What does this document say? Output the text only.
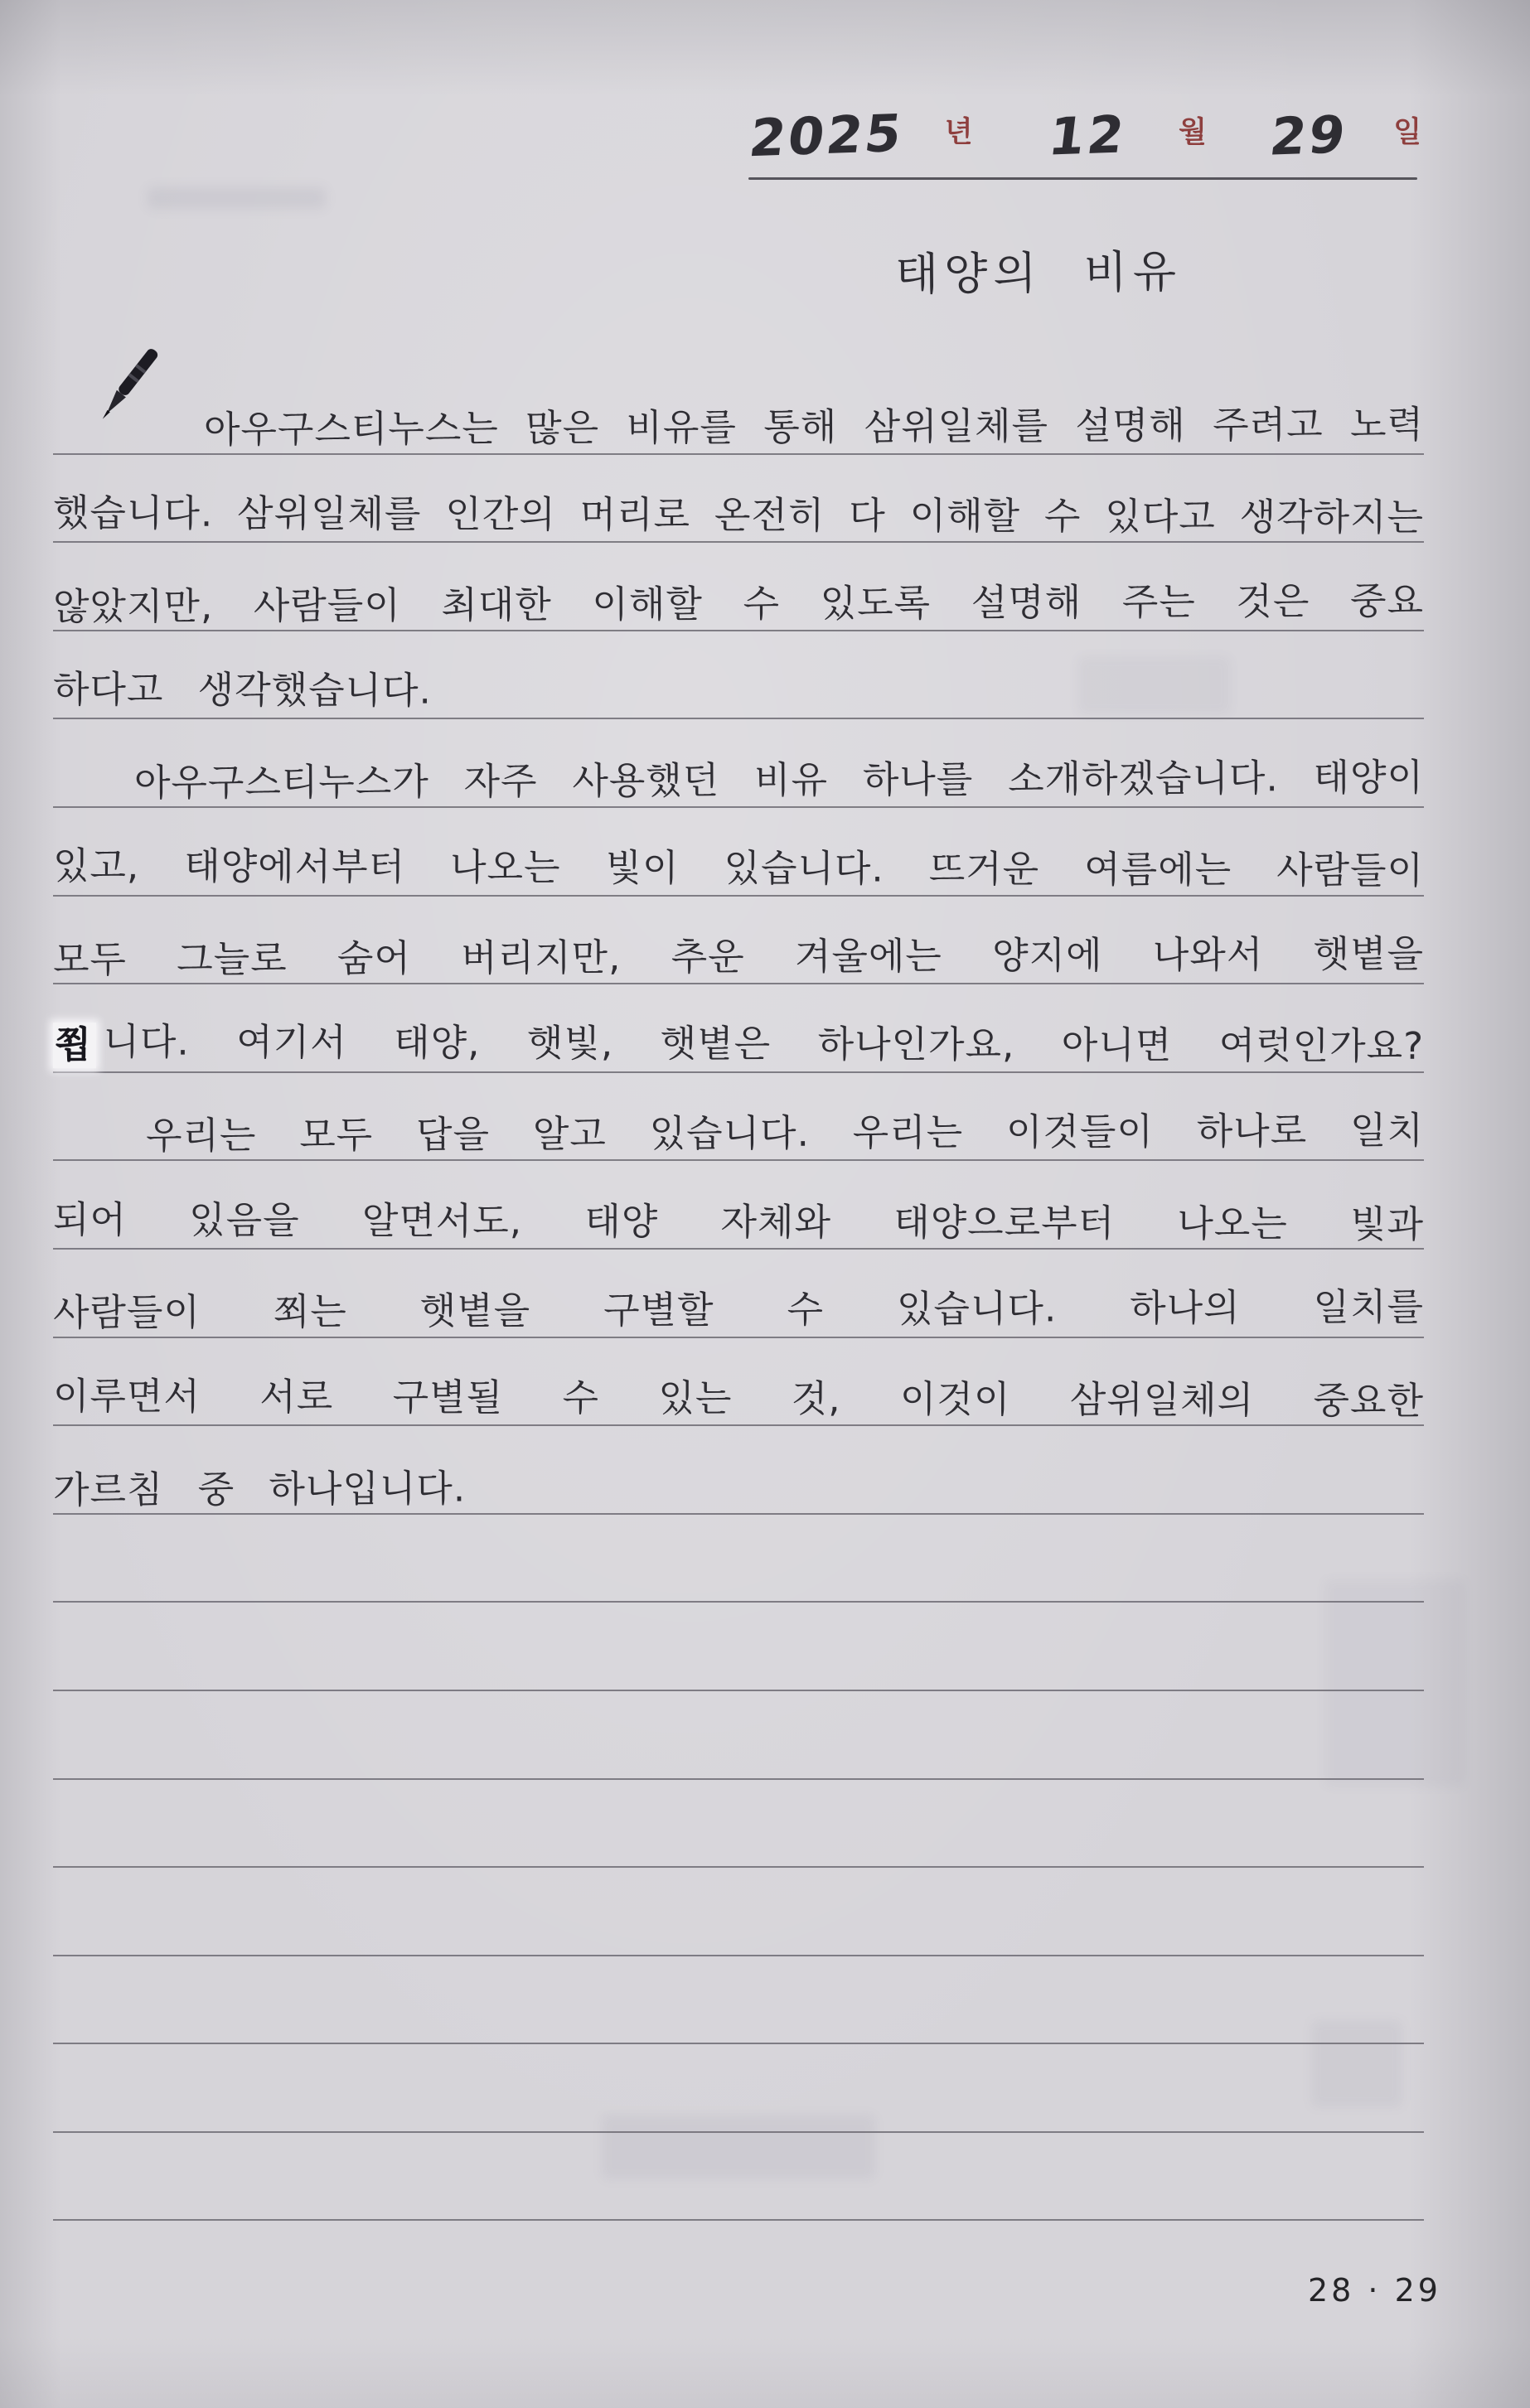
2025 년 12 월 29 일
태양의 비유
아우구스티누스는 많은 비유를 통해 삼위일체를 설명해 주려고 노력
했습니다. 삼위일체를 인간의 머리로 온전히 다 이해할 수 있다고 생각하지는
않았지만, 사람들이 최대한 이해할 수 있도록 설명해 주는 것은 중요
하다고 생각했습니다.
아우구스티누스가 자주 사용했던 비유 하나를 소개하겠습니다. 태양이
있고, 태양에서부터 나오는 빛이 있습니다. 뜨거운 여름에는 사람들이
모두 그늘로 숨어 버리지만, 추운 겨울에는 양지에 나와서 햇볕을
쬡 니다. 여기서 태양, 햇빛, 햇볕은 하나인가요, 아니면 여럿인가요?
우리는 모두 답을 알고 있습니다. 우리는 이것들이 하나로 일치
되어 있음을 알면서도, 태양 자체와 태양으로부터 나오는 빛과
사람들이 쬐는 햇볕을 구별할 수 있습니다. 하나의 일치를
이루면서 서로 구별될 수 있는 것, 이것이 삼위일체의 중요한
가르침 중 하나입니다.
28 · 29
